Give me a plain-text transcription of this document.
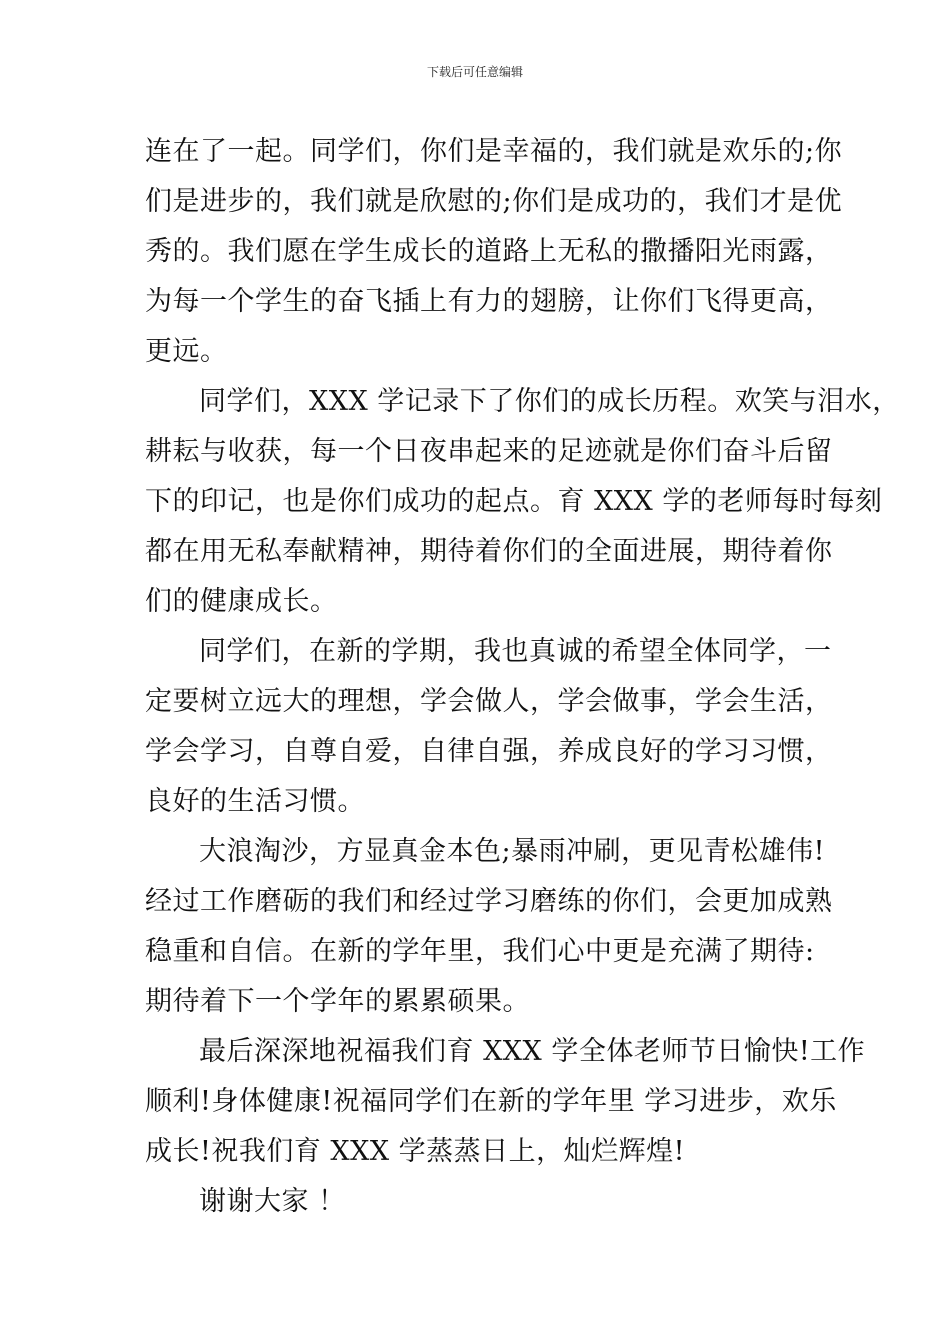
下载后可任意编辑
连在了一起。同学们，你们是幸福的，我们就是欢乐的;你
们是进步的，我们就是欣慰的;你们是成功的，我们才是优
秀的。我们愿在学生成长的道路上无私的撒播阳光雨露，
为每一个学生的奋飞插上有力的翅膀，让你们飞得更高，
更远。
同学们，XXX 学记录下了你们的成长历程。欢笑与泪水，
耕耘与收获，每一个日夜串起来的足迹就是你们奋斗后留
下的印记，也是你们成功的起点。育 XXX 学的老师每时每刻
都在用无私奉献精神，期待着你们的全面进展，期待着你
们的健康成长。
同学们，在新的学期，我也真诚的希望全体同学，一
定要树立远大的理想，学会做人，学会做事，学会生活，
学会学习，自尊自爱，自律自强，养成良好的学习习惯，
良好的生活习惯。
大浪淘沙，方显真金本色;暴雨冲刷，更见青松雄伟!
经过工作磨砺的我们和经过学习磨练的你们，会更加成熟
稳重和自信。在新的学年里，我们心中更是充满了期待:
期待着下一个学年的累累硕果。
最后深深地祝福我们育 XXX 学全体老师节日愉快!工作
顺利!身体健康!祝福同学们在新的学年里 学习进步，欢乐
成长!祝我们育 XXX 学蒸蒸日上，灿烂辉煌!
谢谢大家 ！
